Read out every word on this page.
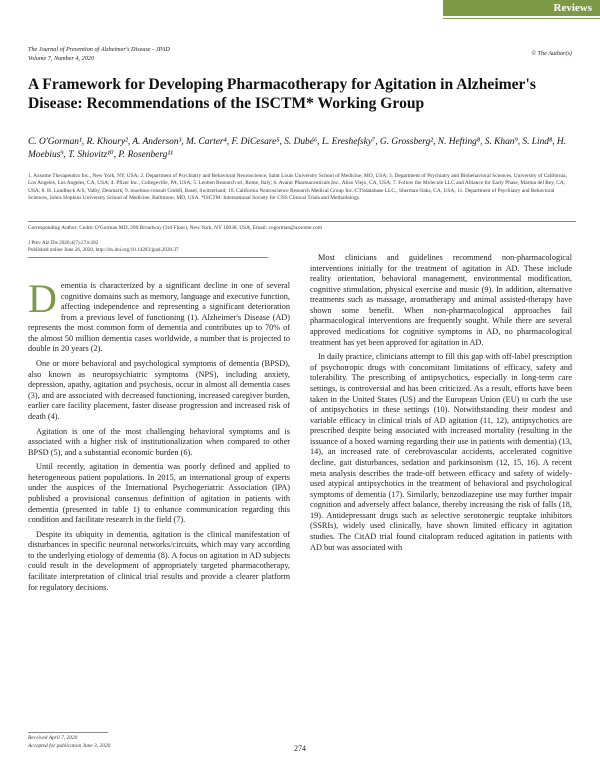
Reviews
The Journal of Prevention of Alzheimer's Disease - JPAD
Volume 7, Number 4, 2020
© The Author(s)
A Framework for Developing Pharmacotherapy for Agitation in Alzheimer's Disease: Recommendations of the ISCTM* Working Group
C. O'Gorman¹, R. Khoury², A. Anderson³, M. Carter⁴, F. DiCesare⁵, S. Dubé⁶, L. Ereshefsky⁷, G. Grossberg², N. Hefting⁸, S. Khan⁹, S. Lind⁸, H. Moebius⁹, T. Shiovitz¹⁰, P. Rosenberg¹¹
1. Axsome Therapeutics Inc., New York, NY, USA; 2. Department of Psychiatry and Behavioral Neuroscience, Saint Louis University School of Medicine, MO, USA; 3. Department of Psychiatry and Biobehavioral Sciences, University of California, Los Angeles, Los Angeles, CA, USA; 4. Pfizer Inc., Collegeville, PA, USA; 5. Leoben Research srl, Rome, Italy; 6. Avanir Pharmaceuticals Inc., Aliso Viejo, CA, USA; 7. Follow the Molecule LLC and Alliance for Early Phase, Marina del Rey, CA, USA; 8. H. Lundbeck A/S, Valby, Denmark; 9. moebius-consult GmbH, Basel, Switzerland; 10. California Neuroscience Research Medical Group Inc./CTSdatabase LLC., Sherman Oaks, CA, USA; 11. Department of Psychiatry and Behavioral Sciences, Johns Hopkins University School of Medicine, Baltimore, MD, USA. *ISCTM: International Society for CNS Clinical Trials and Methodology.
Corresponding Author: Cedric O'Gorman MD, 200 Broadway (3rd Floor), New York, NY 10038, USA, Email: cogorman@axsome.com
J Prev Alz Dis 2020;4(7):274-282
Published online June 26, 2020, http://dx.doi.org/10.14283/jpad.2020.37

Dementia is characterized by a significant decline in one of several cognitive domains such as memory, language and executive function, affecting independence and representing a significant deterioration from a previous level of functioning (1). Alzheimer's Disease (AD) represents the most common form of dementia and contributes up to 70% of the almost 50 million dementia cases worldwide, a number that is projected to double in 20 years (2).

One or more behavioral and psychological symptoms of dementia (BPSD), also known as neuropsychiatric symptoms (NPS), including anxiety, depression, apathy, agitation and psychosis, occur in almost all dementia cases (3), and are associated with decreased functioning, increased caregiver burden, earlier care facility placement, faster disease progression and increased risk of death (4).

Agitation is one of the most challenging behavioral symptoms and is associated with a higher risk of institutionalization when compared to other BPSD (5), and a substantial economic burden (6).

Until recently, agitation in dementia was poorly defined and applied to heterogeneous patient populations. In 2015, an international group of experts under the auspices of the International Psychogeriatric Association (IPA) published a provisional consensus definition of agitation in patients with dementia (presented in table 1) to enhance communication regarding this condition and facilitate research in the field (7).

Despite its ubiquity in dementia, agitation is the clinical manifestation of disturbances in specific neuronal networks/circuits, which may vary according to the underlying etiology of dementia (8). A focus on agitation in AD subjects could result in the development of appropriately targeted pharmacotherapy, facilitate interpretation of clinical trial results and provide a clearer platform for regulatory decisions.

Most clinicians and guidelines recommend non-pharmacological interventions initially for the treatment of agitation in AD. These include reality orientation, behavioral management, environmental modification, cognitive stimulation, physical exercise and music (9). In addition, alternative treatments such as massage, aromatherapy and animal assisted-therapy have shown some benefit. When non-pharmacological approaches fail pharmacological interventions are frequently sought. While there are several approved medications for cognitive symptoms in AD, no pharmacological treatment has yet been approved for agitation in AD.

In daily practice, clinicians attempt to fill this gap with off-label prescription of psychotropic drugs with concomitant limitations of efficacy, safety and tolerability. The prescribing of antipsychotics, especially in long-term care settings, is controversial and has been criticized. As a result, efforts have been taken in the United States (US) and the European Union (EU) to curb the use of antipsychotics in these settings (10). Notwithstanding their modest and variable efficacy in clinical trials of AD agitation (11, 12), antipsychotics are prescribed despite being associated with increased mortality (resulting in the issuance of a boxed warning regarding their use in patients with dementia) (13, 14), an increased rate of cerebrovascular accidents, accelerated cognitive decline, gait disturbances, sedation and parkinsonism (12, 15, 16). A recent meta analysis describes the trade-off between efficacy and safety of widely-used atypical antipsychotics in the treatment of behavioral and psychological symptoms of dementia (17). Similarly, benzodiazepine use may further impair cognition and adversely affect balance, thereby increasing the risk of falls (18, 19). Antidepressant drugs such as selective serotonergic reuptake inhibitors (SSRIs), widely used clinically, have shown limited efficacy in agitation studies. The CitAD trial found citalopram reduced agitation in patients with AD but was associated with

Received April 7, 2020
Accepted for publication June 3, 2020	274
